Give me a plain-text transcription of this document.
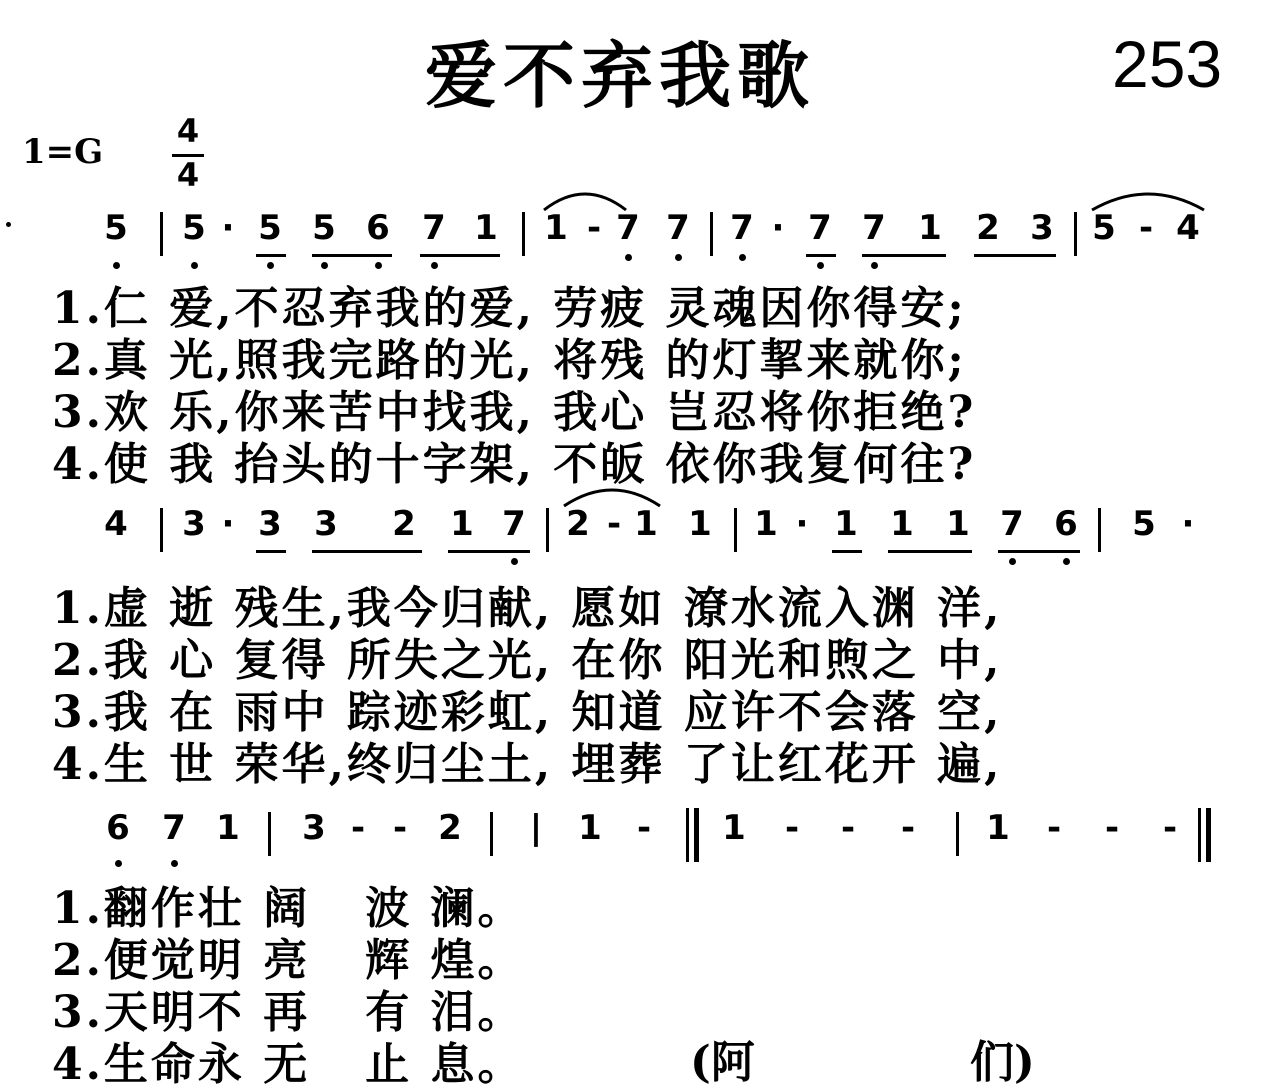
爱不弃我歌	253
1=G
4
4
5 5 · 5 5 6 7 1 1 - 7 7 7 · 7 7 1 2 3 5 - 4
1.仁 爱,不忍弃我的爱, 劳疲 灵魂因你得安;
2.真 光,照我完路的光, 将残 的灯挈来就你;
3.欢 乐,你来苦中找我, 我心 岂忍将你拒绝?
4.使 我 抬头的十字架, 不皈 依你我复何往?
4 3 · 3 3 2 1 7 2 - 1 1 1 · 1 1 1 7 6 5 ·
1.虚 逝 残生,我今归献, 愿如 潦水流入渊 洋,
2.我 心 复得 所失之光, 在你 阳光和煦之 中,
3.我 在 雨中 踪迹彩虹, 知道 应许不会落 空,
4.生 世 荣华,终归尘土, 埋葬 了让红花开 遍,
6 7 1 3 - - 2 | 1 - 1 - - - 1 - - -
1.翻作壮 阔   波 澜。
2.便觉明 亮   辉 煌。
3.天明不 再   有 泪。
4.生命永 无   止 息。	(阿	们)
